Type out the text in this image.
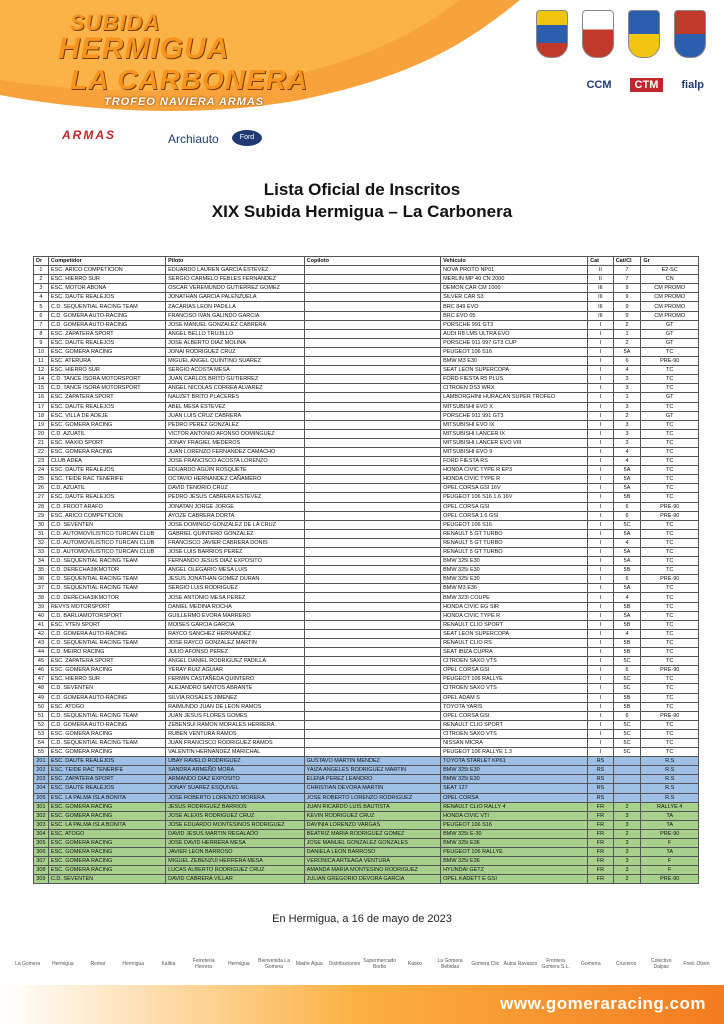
SUBIDA
HERMIGUA
LA CARBONERA
TROFEO NAVIERA ARMAS
CCM	CTM	fialp
ARMAS	Archiauto	Ford
Lista Oficial de Inscritos
XIX Subida Hermigua – La Carbonera
Dr	Competidor	Piloto	Copiloto	Vehiculo	Cat	Cat/Cl	Gr
1	ESC. ARICO COMPETICION	EDUARDO LAUREN GARCIA ESTEVEZ		NOVA PROTO NP01	II	7	E2-SC
2	ESC. HIERRO SUR	SERGIO CARMELO FEBLES FERNANDEZ		MERLIN MP 40 CN 2000	II	7	CN
3	ESC. MOTOR ABONA	OSCAR VEREMUNDO GUTIERREZ GOMEZ		DEMON CAR CM 1000	III	9	CM PROMO
4	ESC. DAUTE REALEJOS	JONATHAN GARCIA PALENZUELA		SILVER CAR S3	III	9	CM PROMO
5	C.D. SEQUENTIAL RACING TEAM	ZACARIAS LEON PADILLA		BRC 849 EVO	III	9	CM PROMO
6	C.D. GOMERA AUTO-RACING	FRANCISO IVAN GALINDO GARCIA		BRC EVO 05	III	9	CM PROMO
7	C.D. GOMERA AUTO-RACING	JOSE MANUEL GONZALEZ CABRERA		PORSCHE 991 GT3	I	2	GT
8	ESC. ZAPATERA SPORT	ANGEL BELLO TRUJILLO		AUDI R8 LMS ULTRA EVO	I	1	GT
9	ESC. DAUTE REALEJOS	JOSE ALBERTO DIAZ MOLINA		PORSCHE 911 997 GT3 CUP	I	2	GT
10	ESC. GOMERA RACING	JONAI RODRIGUEZ CRUZ		PEUGEOT 106 S16	I	5A	TC
11	ESC. ATERURA	MIGUEL ANGEL QUINTINO SUAREZ		BMW M3 E30	I	6	PRE-90
12	ESC. HIERRO SUR	SERGIO ACOSTA MESA		SEAT LEON SUPERCOPA	I	4	TC
14	C.D. TANCE ISORA MOTORSPORT	JUAN CARLOS BRITO GUTIERREZ		FORD FIESTA R5 PLUS	I	3	TC
15	C.D. TANCE ISORA MOTORSPORT	ANGEL NICOLAS CORREA ALVAREZ		CITROEN DS3 WRX	I	3	TC
16	ESC. ZAPATERA SPORT	NAUZET BRITO PLACERES		LAMBORGHINI HURACAN SUPER TROFEO	I	1	GT
17	ESC. DAUTE REALEJOS	ABEL MESA ESTEVEZ		MITSUBISHI EVO X	I	3	TC
18	ESC. VILLA DE ADEJE	JUAN LUIS CRUZ CABRERA		PORSCHE 911 991 GT3	I	2	GT
19	ESC. GOMERA RACING	PEDRO PEREZ GONZALEZ		MITSUBISHI EVO IX	I	3	TC
20	C.D. AZUATIL	VICTOR ANTONIO AFONSO DOMINGUEZ		MITSUBISHI LANCER IX	I	3	TC
21	ESC. MAXIO SPORT	JONAY FRAGIEL MEDEROS		MITSUBISHI LANCER EVO VIII	I	3	TC
22	ESC. GOMERA RACING	JUAN LORENZO FERNANDEZ CAMACHO		MITSUBISHI EVO 9	I	4	TC
23	CLUB ADEA	JOSE FRANCISCO ACOSTA LORENZO		FORD FIESTA RS	I	4	TC
24	ESC. DAUTE REALEJOS	EDUARDO AGÜIN ROSQUETE		HONDA CIVIC TYPE R EP3	I	5A	TC
25	ESC. TEIDE RAC TENERIFE	OCTAVIO HERNANDEZ CAÑAMERO		HONDA CIVIC TYPE R	I	5A	TC
26	C.D. AZUATIL	DAVID TENORIO CRUZ		OPEL CORSA GSI 16V	I	5A	TC
27	ESC. DAUTE REALEJOS	PEDRO JESUS CABRERA ESTEVEZ		PEUGEOT 106 S16 1.6 16V	I	5B	TC
28	C.D. FROOT ARAFO	JONATAN JORGE JORGE		OPEL CORSA GSI	I	6	PRE-90
29	ESC. ARICO COMPETICION	AYOZE CABRERA DORTA		OPEL CORSA 1.6 GSI	I	6	PRE-90
30	C.D. SEVENTEN	JOSE DOMINGO GONZALEZ DE LA CRUZ		PEUGEOT 106 S16	I	5C	TC
31	C.D. AUTOMOVILISTICO TURCAN CLUB	GABRIEL QUINTERO GONZALEZ		RENAULT 5 GT TURBO	I	5A	TC
32	C.D. AUTOMOVILISTICO TURCAN CLUB	FRANCISCO JAVIER CABRERA DONIS		RENAULT 5 GT TURBO	I	4	TC
33	C.D. AUTOMOVILISTICO TURCAN CLUB	JOSE LUIS BARRIOS PEREZ		RENAULT 5 GT TURBO	I	5A	TC
34	C.D. SEQUENTIAL RACING TEAM	FERNANDO JESUS DIAZ EXPOSITO		BMW 325i E30	I	5A	TC
35	C.D. DERECHA3IKMOTOR	ANGEL OLEGARIO MESA LUIS		BMW 325i E30	I	5B	TC
36	C.D. SEQUENTIAL RACING TEAM	JESUS JONATHAN GOMEZ DURAN		BMW 325i E30	I	6	PRE-90
37	C.D. SEQUENTIAL RACING TEAM	SERGIO LUIS RODRIGUEZ		BMW M3 E36	I	5A	TC
38	C.D. DERECHA3IKMOTOR	JOSE ANTONIO MESA PEREZ		BMW 323I COUPE	I	4	TC
39	REVYS MOTORSPORT	DANIEL MEDINA ROCHA		HONDA CIVIC EG SIR	I	5B	TC
40	C.D. BARLIAMOTORSPORT	GUILLERMO EVORA MARRERO		HONDA CIVIC TYPE R	I	5A	TC
41	ESC. VTEN SPORT	MOISES GARCIA GARCIA		RENAULT CLIO SPORT	I	5B	TC
42	C.D. GOMERA AUTO-RACING	RAYCO SANCHEZ HERNANDEZ		SEAT LEON SUPERCOPA	I	4	TC
43	C.D. SEQUENTIAL RACING TEAM	JOSE RAYCO GONZALEZ MARTIN		RENAULT CLIO RS	I	5B	TC
44	C.D. MEIRO RACING	JULIO AFONSO PEREZ		SEAT IBIZA CUPRA	I	5B	TC
45	ESC. ZAPATERA SPORT	ANGEL DANIEL RODRIGUEZ PADILLA		CITROEN SAXO VTS	I	5C	TC
46	ESC. GOMERA RACING	YERAY RUIZ AGUIAR		OPEL CORSA GSI	I	6	PRE-90
47	ESC. HIERRO SUR	FERMIN CASTAÑEDA QUINTERO		PEUGEOT 106 RALLYE	I	5C	TC
48	C.D. SEVENTEN	ALEJANDRO SANTOS ABRANTE		CITROEN SAXO VTS	I	5C	TC
49	C.D. GOMERA AUTO-RACING	SILVIA ROSALES JIMENEZ		OPEL ADAM S	I	5B	TC
50	ESC. ATOGO	RAIMUNDO JUAN DE LEON RAMOS		TOYOTA YARIS	I	5B	TC
51	C.D. SEQUENTIAL RACING TEAM	JUAN JESUS FLORES GOMES		OPEL CORSA GSI	I	6	PRE-90
52	C.D. GOMERA AUTO-RACING	ZEBENSUI RAMON MORALES HERRERA		RENAULT CLIO SPORT	I	5C	TC
53	ESC. GOMERA RACING	RUBEN VENTURA RAMOS		CITROEN SAXO VTS	I	5C	TC
54	C.D. SEQUENTIAL RACING TEAM	JUAN FRANCISCO RODRIGUEZ RAMOS		NISSAN MICRA	I	5C	TC
55	ESC. GOMERA RACING	VALENTIN HERNANDEZ MARICHAL		PEUGEOT 106 RALLYE 1.3	I	5C	TC
201	ESC. DAUTE REALEJOS	UBAY RAVELO RODRIGUEZ	GUSTAVO MARTIN MENDEZ	TOYOTA STARLET KP61	RS		R.S
202	ESC. TEIDE RAC TENERIFE	SANDRA ARMEÑO MORA	YAIZA ANGELES RODRIGUEZ MARTIN	BMW 325i E30	RS		R.S
203	ESC. ZAPATERA SPORT	ARMANDO DIAZ EXPOSITO	ELENA PEREZ LEANDRO	BMW 325i E30	RS		R.S
204	ESC. DAUTE REALEJOS	JONAY SUAREZ ESQUIVEL	CHRISTIAN DEVORA MARTIN	SEAT 127	RS		R.S
205	ESC. LA PALMA ISLA BONITA	JOSE ROBERTO LORENZO MORERA	JOSE ROBERTO LORENZO RODRIGUEZ	OPEL CORSA	RS		R.S
301	ESC. GOMERA RACING	JESUS RODRIGUEZ BARRIOS	JUAN RICARDO LUIS BAUTISTA	RENAULT CLIO RALLY 4	FR	2	RALLYE 4
302	ESC. GOMERA RACING	JOSE ALEXIS RODRIGUEZ CRUZ	KEVIN RODRIGUEZ CRUZ	HONDA CIVIC VTI	FR	3	TA
303	ESC. LA PALMA ISLA BONITA	JOSE EDUARDO MONTESINOS RODRIGUEZ	DAVINIA LORENZO VARGAS	PEUGEOT 106 S16	FR	3	TA
304	ESC. ATOGO	DAVID JESUS MARTIN REGALADO	BEATRIZ MARIA RODRIGUEZ GOMEZ	BMW 325i E-30	FR	2	PRE-90
305	ESC. GOMERA RACING	JOSE DAVID HERRERA MESA	JOSE MANUEL GONZALEZ GONZALES	BMW 325i E36	FR	3	F
306	ESC. GOMERA RACING	JAVIER LEON BARROSO	DANIELA LEON BARROSO	PEUGEOT 106 RALLYE	FR	3	TA
307	ESC. GOMERA RACING	MIGUEL ZEBENZUI HERRERA MESA	VERONICA ARTEAGA VENTURA	BMW 325i E36	FR	3	F
308	ESC. GOMERA RACING	LUCAS ALBERTO RODRIGUEZ CRUZ	AMANDA MARIA MONTESINO RODRIGUEZ	HYUNDAI GETZ	FR	3	F
309	C.D. SEVENTEN	DAVID CABRERA VILLAR	JULIAN GREGORIO DEVORA GARCIA	OPEL KADETT E GSI	FR	2	PRE-90
En Hermigua, a 16 de mayo de 2023
La Gomera	Hermigua	Remar	Hermigua	Kaliba	Ferretería Herrera	Hermigua	Bienvenida La Gomera	Madre Agua	Distribuciones Supermercado Borbo	Kasko	La Gomera Bebidas	Gomera Clic Autos Ravasco	Frontera Gomera S.L.	Gomerra	Cruceros	Colectivo Dalpac	Fred. Olsen
www.gomeraracing.com
